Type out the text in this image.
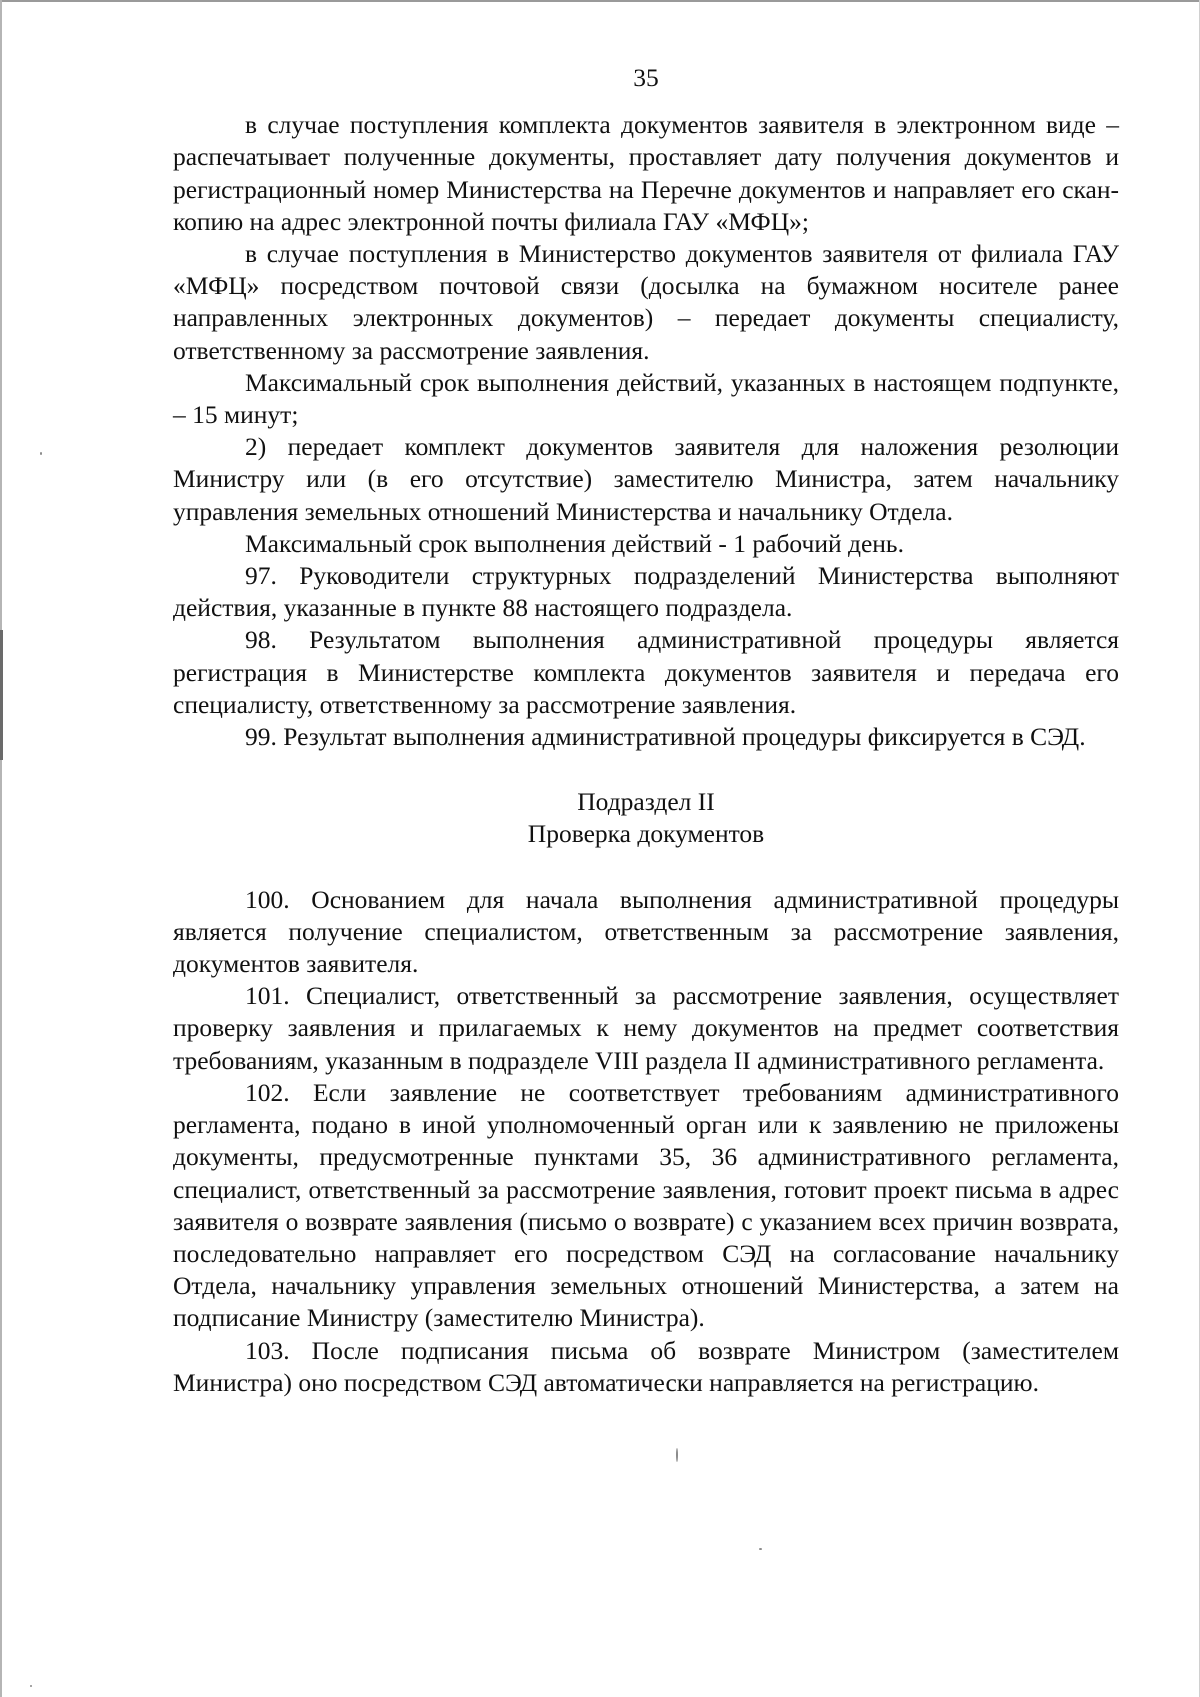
35

в случае поступления комплекта документов заявителя в электронном виде – распечатывает полученные документы, проставляет дату получения документов и регистрационный номер Министерства на Перечне документов и направляет его скан-копию на адрес электронной почты филиала ГАУ «МФЦ»;

в случае поступления в Министерство документов заявителя от филиала ГАУ «МФЦ» посредством почтовой связи (досылка на бумажном носителе ранее направленных электронных документов) – передает документы специалисту, ответственному за рассмотрение заявления.

Максимальный срок выполнения действий, указанных в настоящем подпункте, – 15 минут;

2) передает комплект документов заявителя для наложения резолюции Министру или (в его отсутствие) заместителю Министра, затем начальнику управления земельных отношений Министерства и начальнику Отдела.

Максимальный срок выполнения действий - 1 рабочий день.

97. Руководители структурных подразделений Министерства выполняют действия, указанные в пункте 88 настоящего подраздела.

98. Результатом выполнения административной процедуры является регистрация в Министерстве комплекта документов заявителя и передача его специалисту, ответственному за рассмотрение заявления.

99. Результат выполнения административной процедуры фиксируется в СЭД.

Подраздел II
Проверка документов

100. Основанием для начала выполнения административной процедуры является получение специалистом, ответственным за рассмотрение заявления, документов заявителя.

101. Специалист, ответственный за рассмотрение заявления, осуществляет проверку заявления и прилагаемых к нему документов на предмет соответствия требованиям, указанным в подразделе VIII раздела II административного регламента.

102. Если заявление не соответствует требованиям административного регламента, подано в иной уполномоченный орган или к заявлению не приложены документы, предусмотренные пунктами 35, 36 административного регламента, специалист, ответственный за рассмотрение заявления, готовит проект письма в адрес заявителя о возврате заявления (письмо о возврате) с указанием всех причин возврата, последовательно направляет его посредством СЭД на согласование начальнику Отдела, начальнику управления земельных отношений Министерства, а затем на подписание Министру (заместителю Министра).

103. После подписания письма об возврате Министром (заместителем Министра) оно посредством СЭД автоматически направляется на регистрацию.
